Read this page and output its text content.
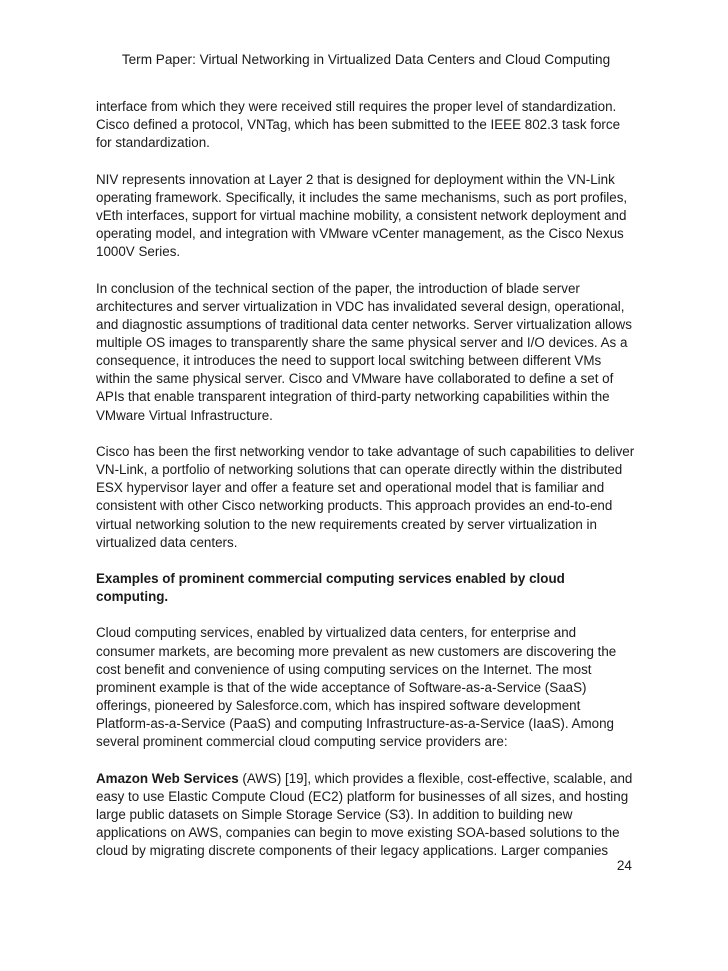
Term Paper: Virtual Networking in Virtualized Data Centers and Cloud Computing

interface from which they were received still requires the proper level of standardization. Cisco defined a protocol, VNTag, which has been submitted to the IEEE 802.3 task force for standardization.

NIV represents innovation at Layer 2 that is designed for deployment within the VN-Link operating framework. Specifically, it includes the same mechanisms, such as port profiles, vEth interfaces, support for virtual machine mobility, a consistent network deployment and operating model, and integration with VMware vCenter management, as the Cisco Nexus 1000V Series.

In conclusion of the technical section of the paper, the introduction of blade server architectures and server virtualization in VDC has invalidated several design, operational, and diagnostic assumptions of traditional data center networks. Server virtualization allows multiple OS images to transparently share the same physical server and I/O devices. As a consequence, it introduces the need to support local switching between different VMs within the same physical server. Cisco and VMware have collaborated to define a set of APIs that enable transparent integration of third-party networking capabilities within the VMware Virtual Infrastructure.

Cisco has been the first networking vendor to take advantage of such capabilities to deliver VN-Link, a portfolio of networking solutions that can operate directly within the distributed ESX hypervisor layer and offer a feature set and operational model that is familiar and consistent with other Cisco networking products. This approach provides an end-to-end virtual networking solution to the new requirements created by server virtualization in virtualized data centers.

Examples of prominent commercial computing services enabled by cloud computing.

Cloud computing services, enabled by virtualized data centers, for enterprise and consumer markets, are becoming more prevalent as new customers are discovering the cost benefit and convenience of using computing services on the Internet. The most prominent example is that of the wide acceptance of Software-as-a-Service (SaaS) offerings, pioneered by Salesforce.com, which has inspired software development Platform-as-a-Service (PaaS) and computing Infrastructure-as-a-Service (IaaS). Among several prominent commercial cloud computing service providers are:

Amazon Web Services (AWS) [19], which provides a flexible, cost-effective, scalable, and easy to use Elastic Compute Cloud (EC2) platform for businesses of all sizes, and hosting large public datasets on Simple Storage Service (S3). In addition to building new applications on AWS, companies can begin to move existing SOA-based solutions to the cloud by migrating discrete components of their legacy applications. Larger companies

24
